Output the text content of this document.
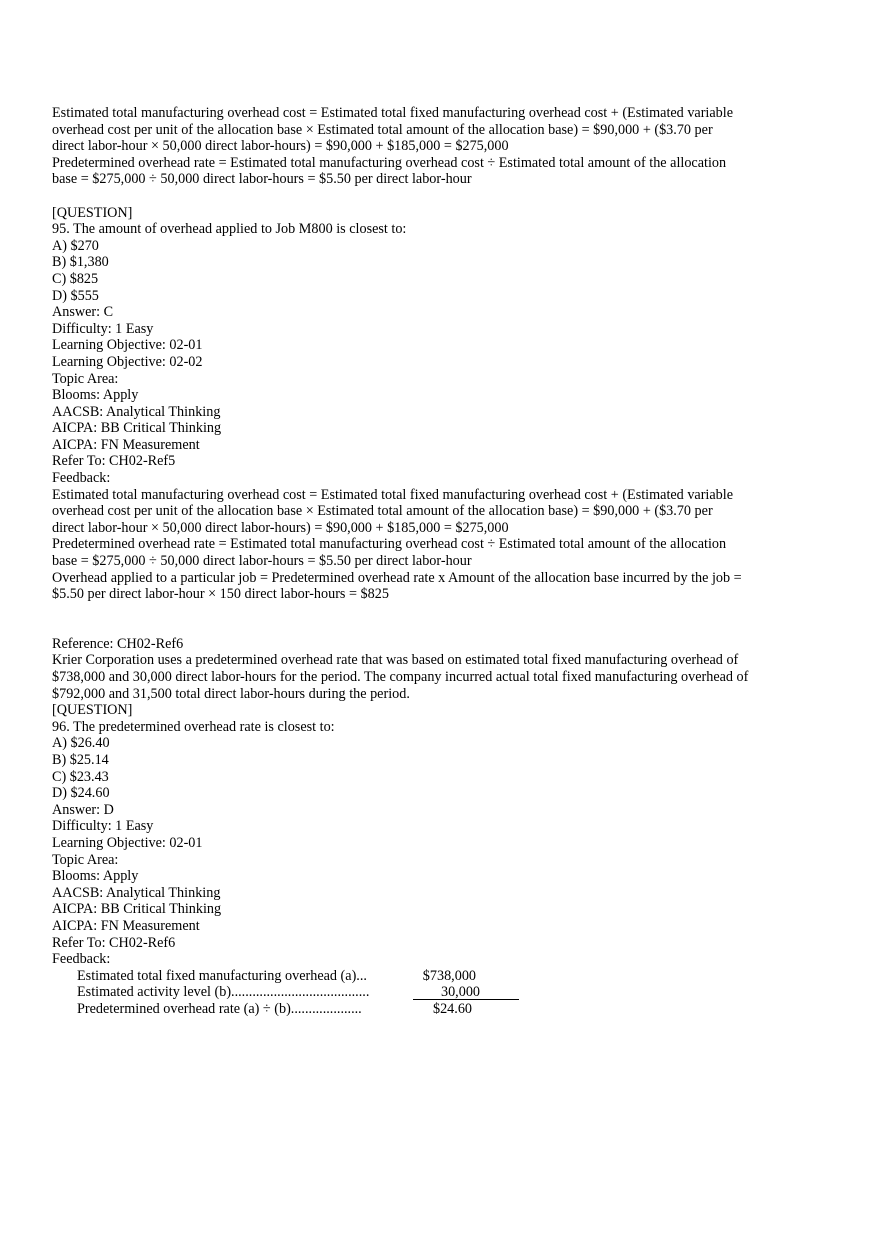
Estimated total manufacturing overhead cost = Estimated total fixed manufacturing overhead cost + (Estimated variable
overhead cost per unit of the allocation base × Estimated total amount of the allocation base) = $90,000 + ($3.70 per
direct labor-hour × 50,000 direct labor-hours) = $90,000 + $185,000 = $275,000
Predetermined overhead rate = Estimated total manufacturing overhead cost ÷ Estimated total amount of the allocation
base = $275,000 ÷ 50,000 direct labor-hours = $5.50 per direct labor-hour
[QUESTION]
95. The amount of overhead applied to Job M800 is closest to:
A) $270
B) $1,380
C) $825
D) $555
Answer: C
Difficulty: 1 Easy
Learning Objective: 02-01
Learning Objective: 02-02
Topic Area:
Blooms: Apply
AACSB: Analytical Thinking
AICPA: BB Critical Thinking
AICPA: FN Measurement
Refer To: CH02-Ref5
Feedback:
Estimated total manufacturing overhead cost = Estimated total fixed manufacturing overhead cost + (Estimated variable
overhead cost per unit of the allocation base × Estimated total amount of the allocation base) = $90,000 + ($3.70 per
direct labor-hour × 50,000 direct labor-hours) = $90,000 + $185,000 = $275,000
Predetermined overhead rate = Estimated total manufacturing overhead cost ÷ Estimated total amount of the allocation
base = $275,000 ÷ 50,000 direct labor-hours = $5.50 per direct labor-hour
Overhead applied to a particular job = Predetermined overhead rate x Amount of the allocation base incurred by the job =
$5.50 per direct labor-hour × 150 direct labor-hours = $825
Reference: CH02-Ref6
Krier Corporation uses a predetermined overhead rate that was based on estimated total fixed manufacturing overhead of
$738,000 and 30,000 direct labor-hours for the period. The company incurred actual total fixed manufacturing overhead of
$792,000 and 31,500 total direct labor-hours during the period.
[QUESTION]
96. The predetermined overhead rate is closest to:
A) $26.40
B) $25.14
C) $23.43
D) $24.60
Answer: D
Difficulty: 1 Easy
Learning Objective: 02-01
Topic Area:
Blooms: Apply
AACSB: Analytical Thinking
AICPA: BB Critical Thinking
AICPA: FN Measurement
Refer To: CH02-Ref6
Feedback:
Estimated total fixed manufacturing overhead (a)...	$738,000
Estimated activity level (b).......................................	30,000
Predetermined overhead rate (a) ÷ (b)....................	$24.60
